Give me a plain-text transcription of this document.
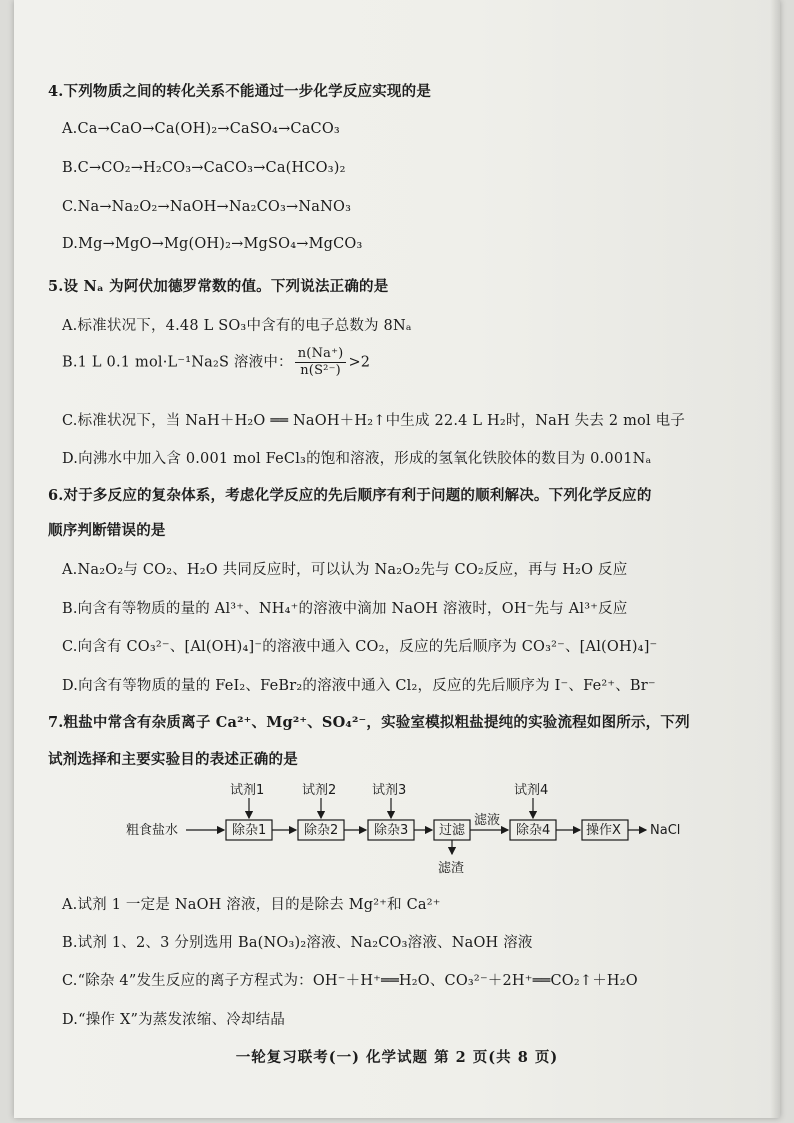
4.下列物质之间的转化关系不能通过一步化学反应实现的是
A.Ca→CaO→Ca(OH)₂→CaSO₄→CaCO₃
B.C→CO₂→H₂CO₃→CaCO₃→Ca(HCO₃)₂
C.Na→Na₂O₂→NaOH→Na₂CO₃→NaNO₃
D.Mg→MgO→Mg(OH)₂→MgSO₄→MgCO₃
5.设 Nₐ 为阿伏加德罗常数的值。下列说法正确的是
A.标准状况下，4.48 L SO₃中含有的电子总数为 8Nₐ
B.1 L 0.1 mol·L⁻¹Na₂S 溶液中： $\frac{n(Na^+)}{\text{n(S²⁻)}} >2$
C.标准状况下，当 NaH＋H₂O ══ NaOH＋H₂↑中生成 22.4 L H₂时，NaH 失去 2 mol 电子
D.向沸水中加入含 0.001 mol FeCl₃的饱和溶液，形成的氢氧化铁胶体的数目为 0.001Nₐ
6.对于多反应的复杂体系，考虑化学反应的先后顺序有利于问题的顺利解决。下列化学反应的
顺序判断错误的是
A.Na₂O₂与 CO₂、H₂O 共同反应时，可以认为 Na₂O₂先与 CO₂反应，再与 H₂O 反应
B.向含有等物质的量的 Al³⁺、NH₄⁺的溶液中滴加 NaOH 溶液时，OH⁻先与 Al³⁺反应
C.向含有 CO₃²⁻、[Al(OH)₄]⁻的溶液中通入 CO₂，反应的先后顺序为 CO₃²⁻、[Al(OH)₄]⁻
D.向含有等物质的量的 FeI₂、FeBr₂的溶液中通入 Cl₂，反应的先后顺序为 I⁻、Fe²⁺、Br⁻
7.粗盐中常含有杂质离子 Ca²⁺、Mg²⁺、SO₄²⁻，实验室模拟粗盐提纯的实验流程如图所示，下列
试剂选择和主要实验目的表述正确的是
粗食盐水	除杂1
试剂1
除杂2
试剂2
除杂3
试剂3
过滤
滤渣
滤液
除杂4
试剂4
操作X NaCl
A.试剂 1 一定是 NaOH 溶液，目的是除去 Mg²⁺和 Ca²⁺
B.试剂 1、2、3 分别选用 Ba(NO₃)₂溶液、Na₂CO₃溶液、NaOH 溶液
C.“除杂 4”发生反应的离子方程式为：OH⁻＋H⁺══H₂O、CO₃²⁻＋2H⁺══CO₂↑＋H₂O
D.“操作 X”为蒸发浓缩、冷却结晶
一轮复习联考(一) 化学试题 第 2 页(共 8 页)
